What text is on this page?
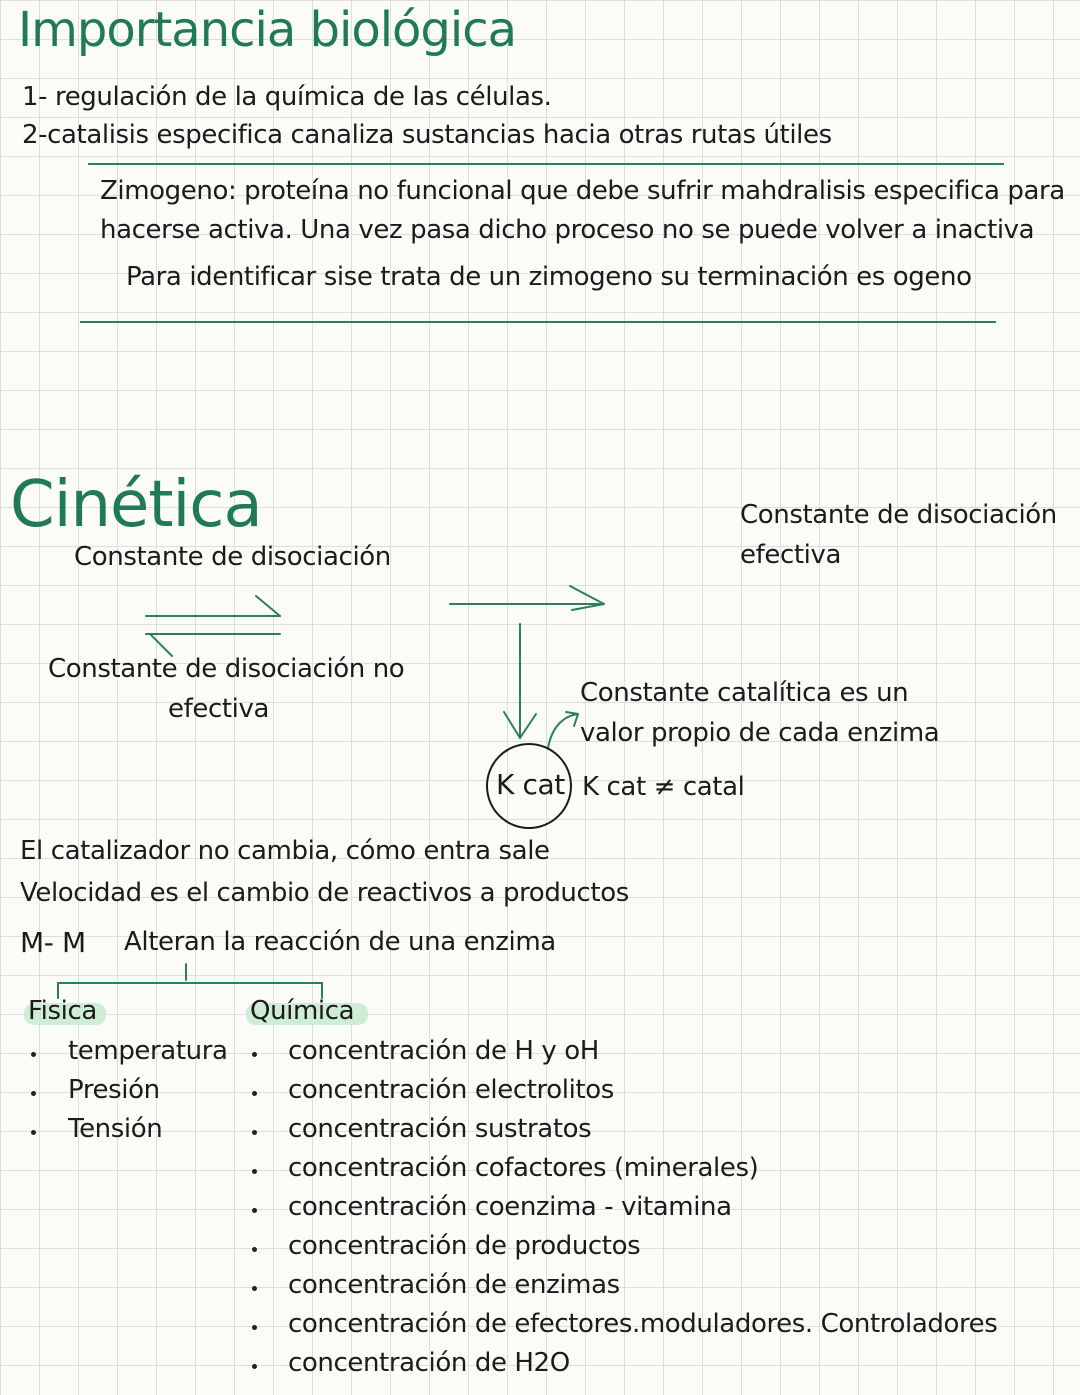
Importancia biológica
1- regulación de la química de las células.
2-catalisis especifica canaliza sustancias hacia otras rutas útiles
Zimogeno: proteína no funcional que debe sufrir mahdralisis especifica para
hacerse activa. Una vez pasa dicho proceso no se puede volver a inactiva
Para identificar sise trata de un zimogeno su terminación es ogeno
Cinética
Constante de disociación
Constante de disociación no
efectiva
Constante de disociación
efectiva
Constante catalítica es un
valor propio de cada enzima
K cat K cat ≠ catal
El catalizador no cambia, cómo entra sale
Velocidad es el cambio de reactivos a productos
M- M Alteran la reacción de una enzima
Fisica
temperatura
Presión
Tensión
Química
concentración de H y oH
concentración electrolitos
concentración sustratos
concentración cofactores (minerales)
concentración coenzima - vitamina
concentración de productos
concentración de enzimas
concentración de efectores.moduladores. Controladores
concentración de H2O
